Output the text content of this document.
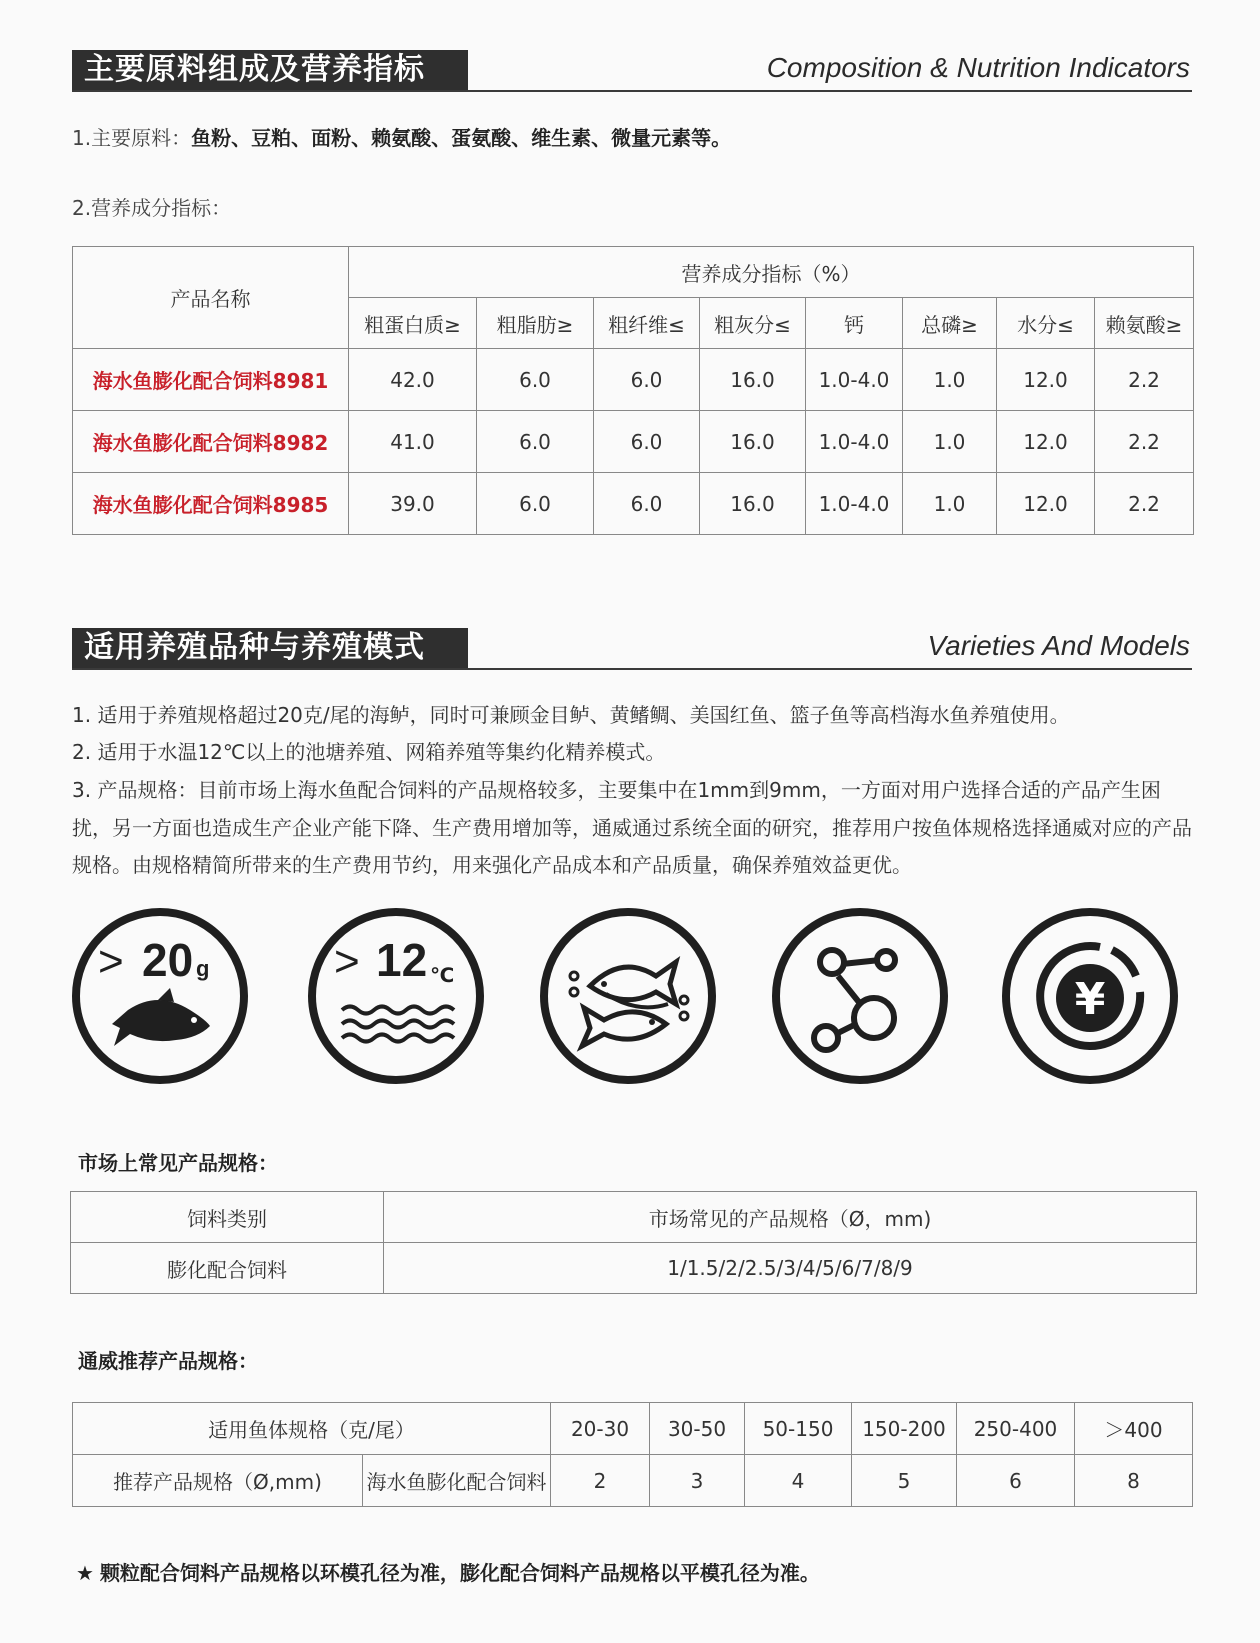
主要原料组成及营养指标	Composition & Nutrition Indicators
1.主要原料：鱼粉、豆粕、面粉、赖氨酸、蛋氨酸、维生素、微量元素等。
2.营养成分指标：
产品名称	营养成分指标（%）							
	粗蛋白质≥	粗脂肪≥	粗纤维≤	粗灰分≤	钙	总磷≥	水分≤	赖氨酸≥
海水鱼膨化配合饲料8981	42.0	6.0	6.0	16.0	1.0-4.0	1.0	12.0	2.2
海水鱼膨化配合饲料8982	41.0	6.0	6.0	16.0	1.0-4.0	1.0	12.0	2.2
海水鱼膨化配合饲料8985	39.0	6.0	6.0	16.0	1.0-4.0	1.0	12.0	2.2
适用养殖品种与养殖模式	Varieties And Models
1. 适用于养殖规格超过20克/尾的海鲈，同时可兼顾金目鲈、黄鳍鲷、美国红鱼、篮子鱼等高档海水鱼养殖使用。
2. 适用于水温12℃以上的池塘养殖、网箱养殖等集约化精养模式。
3. 产品规格：目前市场上海水鱼配合饲料的产品规格较多，主要集中在1mm到9mm，一方面对用户选择合适的产品产生困扰，另一方面也造成生产企业产能下降、生产费用增加等，通威通过系统全面的研究，推荐用户按鱼体规格选择通威对应的产品规格。由规格精简所带来的生产费用节约，用来强化产品成本和产品质量，确保养殖效益更优。
> 20 g	> 12 ℃	¥
市场上常见产品规格：
饲料类别	市场常见的产品规格（Ø，mm)
膨化配合饲料	1/1.5/2/2.5/3/4/5/6/7/8/9
通威推荐产品规格：
适用鱼体规格（克/尾）		20-30	30-50	50-150	150-200	250-400	＞400
推荐产品规格（Ø,mm)	海水鱼膨化配合饲料	2	3	4	5	6	8
★ 颗粒配合饲料产品规格以环模孔径为准，膨化配合饲料产品规格以平模孔径为准。
